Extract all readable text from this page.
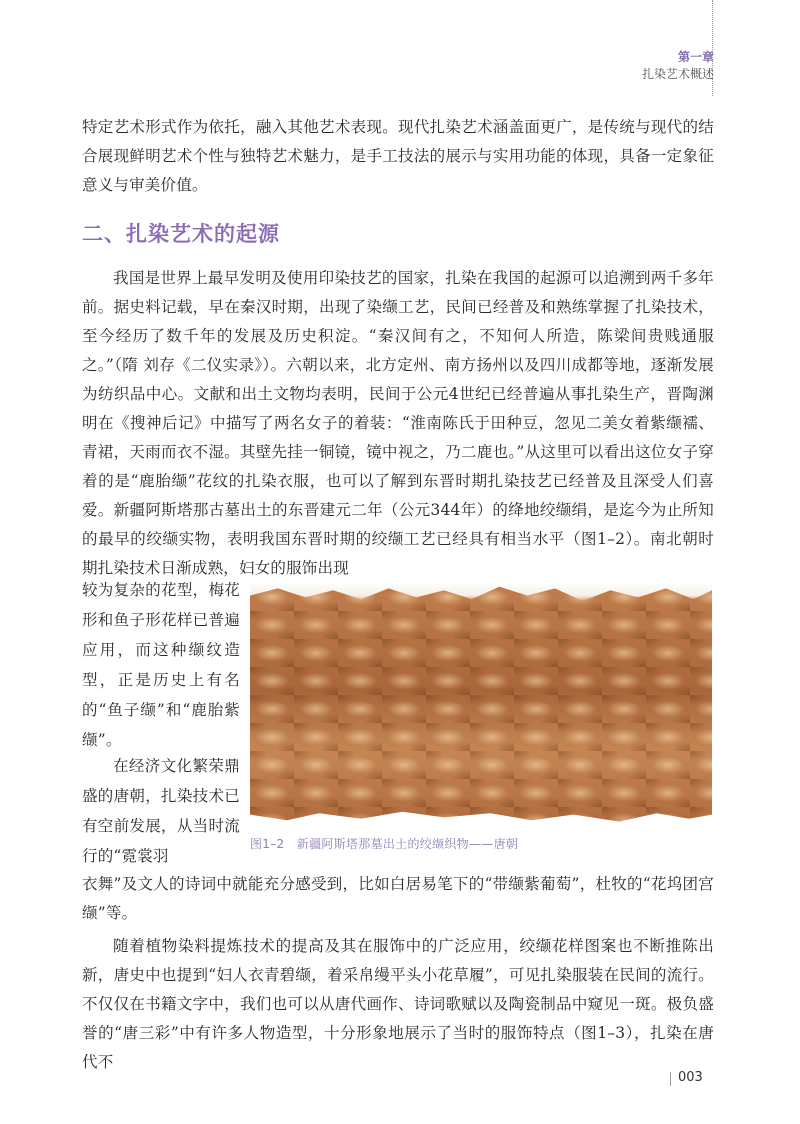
第一章
扎染艺术概述

特定艺术形式作为依托，融入其他艺术表现。现代扎染艺术涵盖面更广，是传统与现代的结合展现鲜明艺术个性与独特艺术魅力，是手工技法的展示与实用功能的体现，具备一定象征意义与审美价值。

二、扎染艺术的起源

我国是世界上最早发明及使用印染技艺的国家，扎染在我国的起源可以追溯到两千多年前。据史料记载，早在秦汉时期，出现了染缬工艺，民间已经普及和熟练掌握了扎染技术，至今经历了数千年的发展及历史积淀。“秦汉间有之，不知何人所造，陈梁间贵贱通服之。”（隋 刘存《二仪实录》）。六朝以来，北方定州、南方扬州以及四川成都等地，逐渐发展为纺织品中心。文献和出土文物均表明，民间于公元4世纪已经普遍从事扎染生产，晋陶渊明在《搜神后记》中描写了两名女子的着装：“淮南陈氏于田种豆，忽见二美女着紫缬襦、青裙，天雨而衣不湿。其壁先挂一铜镜，镜中视之，乃二鹿也。”从这里可以看出这位女子穿着的是“鹿胎缬”花纹的扎染衣服，也可以了解到东晋时期扎染技艺已经普及且深受人们喜爱。新疆阿斯塔那古墓出土的东晋建元二年（公元344年）的绛地绞缬绢，是迄今为止所知的最早的绞缬实物，表明我国东晋时期的绞缬工艺已经具有相当水平（图1–2）。南北朝时期扎染技术日渐成熟，妇女的服饰出现

较为复杂的花型，梅花形和鱼子形花样已普遍应用，而这种缬纹造型，正是历史上有名的“鱼子缬”和“鹿胎紫缬”。

在经济文化繁荣鼎盛的唐朝，扎染技术已有空前发展，从当时流行的“霓裳羽

图1–2　新疆阿斯塔那墓出土的绞缬织物——唐朝

衣舞”及文人的诗词中就能充分感受到，比如白居易笔下的“带缬紫葡萄”，杜牧的“花坞团宫缬”等。

随着植物染料提炼技术的提高及其在服饰中的广泛应用，绞缬花样图案也不断推陈出新，唐史中也提到“妇人衣青碧缬，着采帛缦平头小花草履”，可见扎染服装在民间的流行。不仅仅在书籍文字中，我们也可以从唐代画作、诗词歌赋以及陶瓷制品中窥见一斑。极负盛誉的“唐三彩”中有许多人物造型，十分形象地展示了当时的服饰特点（图1–3），扎染在唐代不

003
